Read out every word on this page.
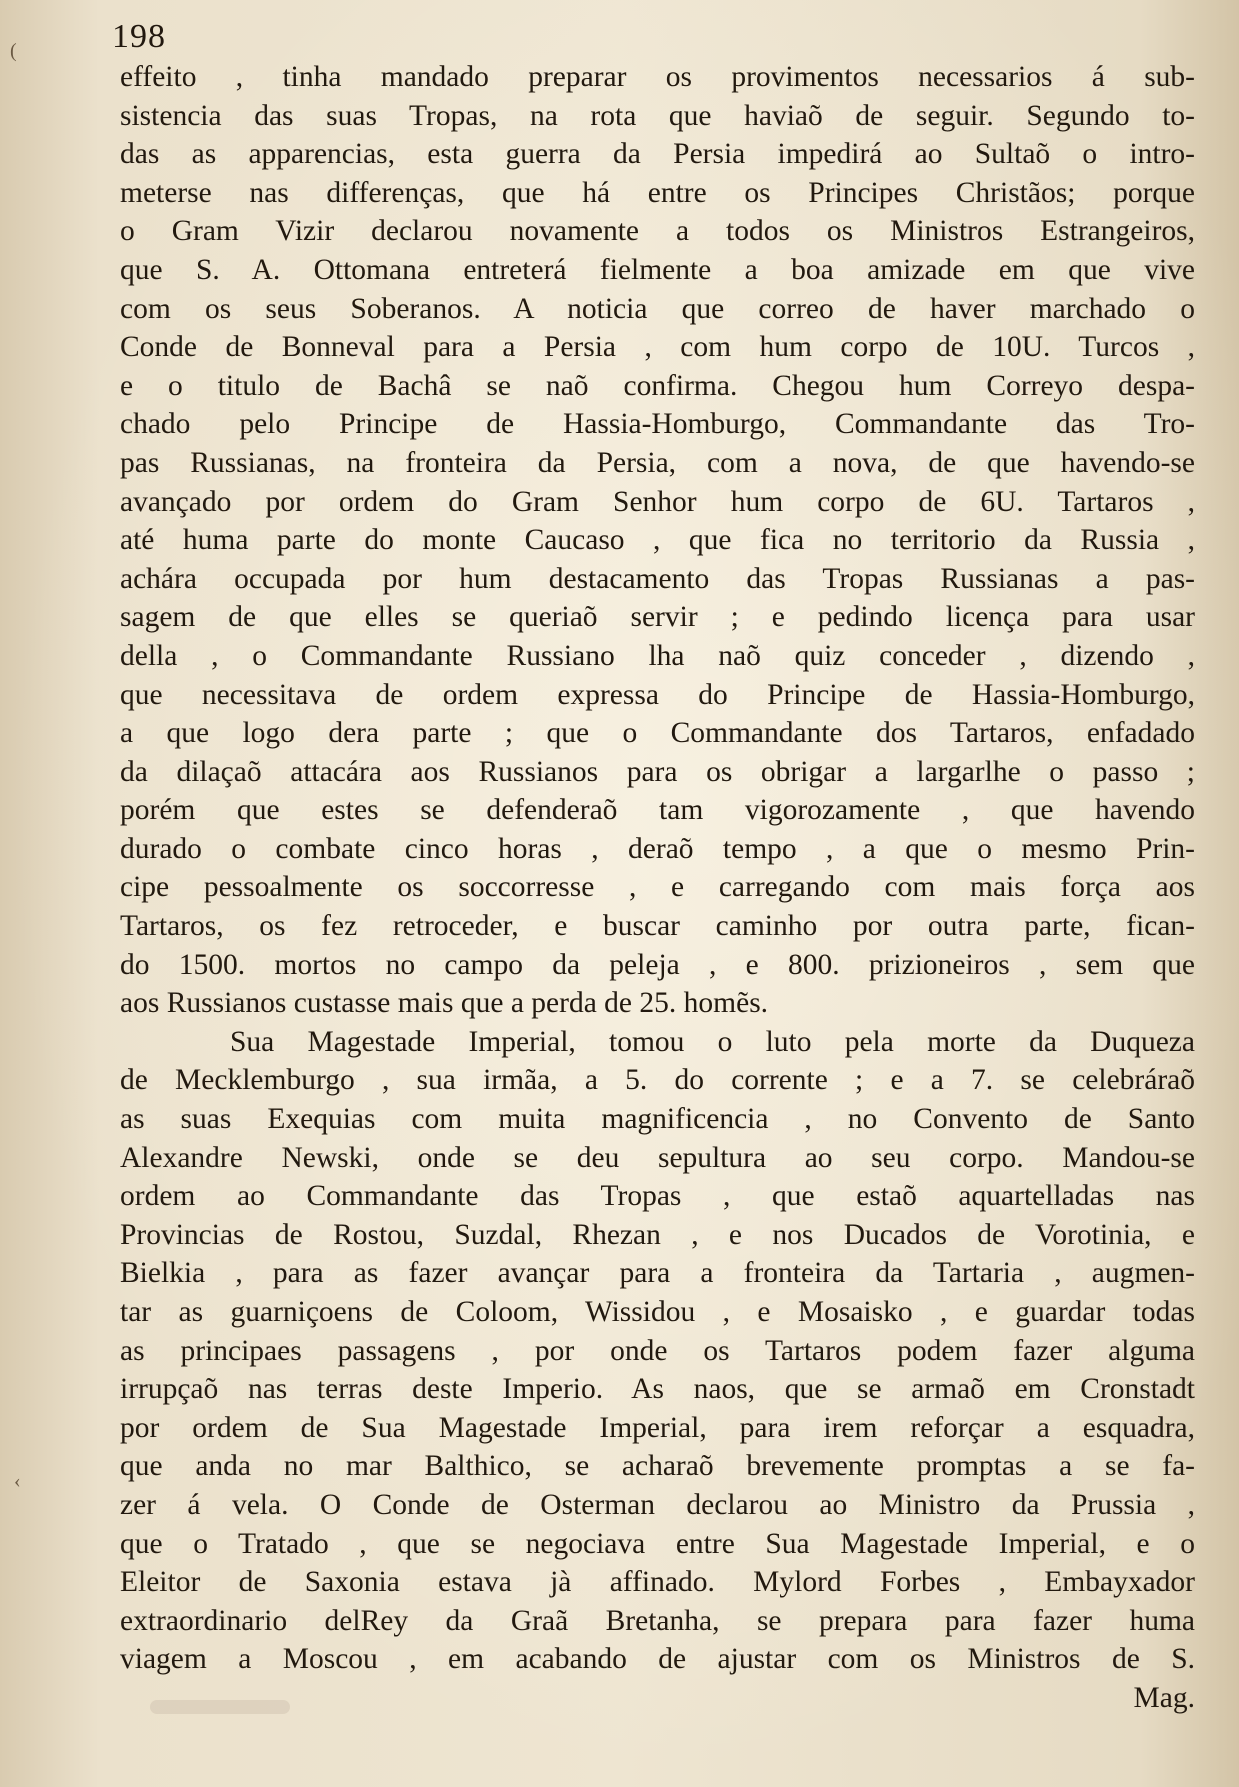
(
‹
198
effeito , tinha mandado preparar os provimentos necessarios á sub-
sistencia das suas Tropas, na rota que haviaõ de seguir. Segundo to-
das as apparencias, esta guerra da Persia impedirá ao Sultaõ o intro-
meterse nas differenças, que há entre os Principes Christãos; porque
o Gram Vizir declarou novamente a todos os Ministros Estrangeiros,
que S. A. Ottomana entreterá fielmente a boa amizade em que vive
com os seus Soberanos. A noticia que correo de haver marchado o
Conde de Bonneval para a Persia , com hum corpo de 10U. Turcos ,
e o titulo de Bachâ se naõ confirma. Chegou hum Correyo despa-
chado pelo Principe de Hassia-Homburgo, Commandante das Tro-
pas Russianas, na fronteira da Persia, com a nova, de que havendo-se
avançado por ordem do Gram Senhor hum corpo de 6U. Tartaros ,
até huma parte do monte Caucaso , que fica no territorio da Russia ,
achára occupada por hum destacamento das Tropas Russianas a pas-
sagem de que elles se queriaõ servir ; e pedindo licença para usar
della , o Commandante Russiano lha naõ quiz conceder , dizendo ,
que necessitava de ordem expressa do Principe de Hassia-Homburgo,
a que logo dera parte ; que o Commandante dos Tartaros, enfadado
da dilaçaõ attacára aos Russianos para os obrigar a largarlhe o passo ;
porém que estes se defenderaõ tam vigorozamente , que havendo
durado o combate cinco horas , deraõ tempo , a que o mesmo Prin-
cipe pessoalmente os soccorresse , e carregando com mais força aos
Tartaros, os fez retroceder, e buscar caminho por outra parte, fican-
do 1500. mortos no campo da peleja , e 800. prizioneiros , sem que
aos Russianos custasse mais que a perda de 25. homẽs.
Sua Magestade Imperial, tomou o luto pela morte da Duqueza
de Mecklemburgo , sua irmãa, a 5. do corrente ; e a 7. se celebráraõ
as suas Exequias com muita magnificencia , no Convento de Santo
Alexandre Newski, onde se deu sepultura ao seu corpo. Mandou-se
ordem ao Commandante das Tropas , que estaõ aquartelladas nas
Provincias de Rostou, Suzdal, Rhezan , e nos Ducados de Vorotinia, e
Bielkia , para as fazer avançar para a fronteira da Tartaria , augmen-
tar as guarniçoens de Coloom, Wissidou , e Mosaisko , e guardar todas
as principaes passagens , por onde os Tartaros podem fazer alguma
irrupçaõ nas terras deste Imperio. As naos, que se armaõ em Cronstadt
por ordem de Sua Magestade Imperial, para irem reforçar a esquadra,
que anda no mar Balthico, se acharaõ brevemente promptas a se fa-
zer á vela. O Conde de Osterman declarou ao Ministro da Prussia ,
que o Tratado , que se negociava entre Sua Magestade Imperial, e o
Eleitor de Saxonia estava jà affinado. Mylord Forbes , Embayxador
extraordinario delRey da Graã Bretanha, se prepara para fazer huma
viagem a Moscou , em acabando de ajustar com os Ministros de S.
Mag.
